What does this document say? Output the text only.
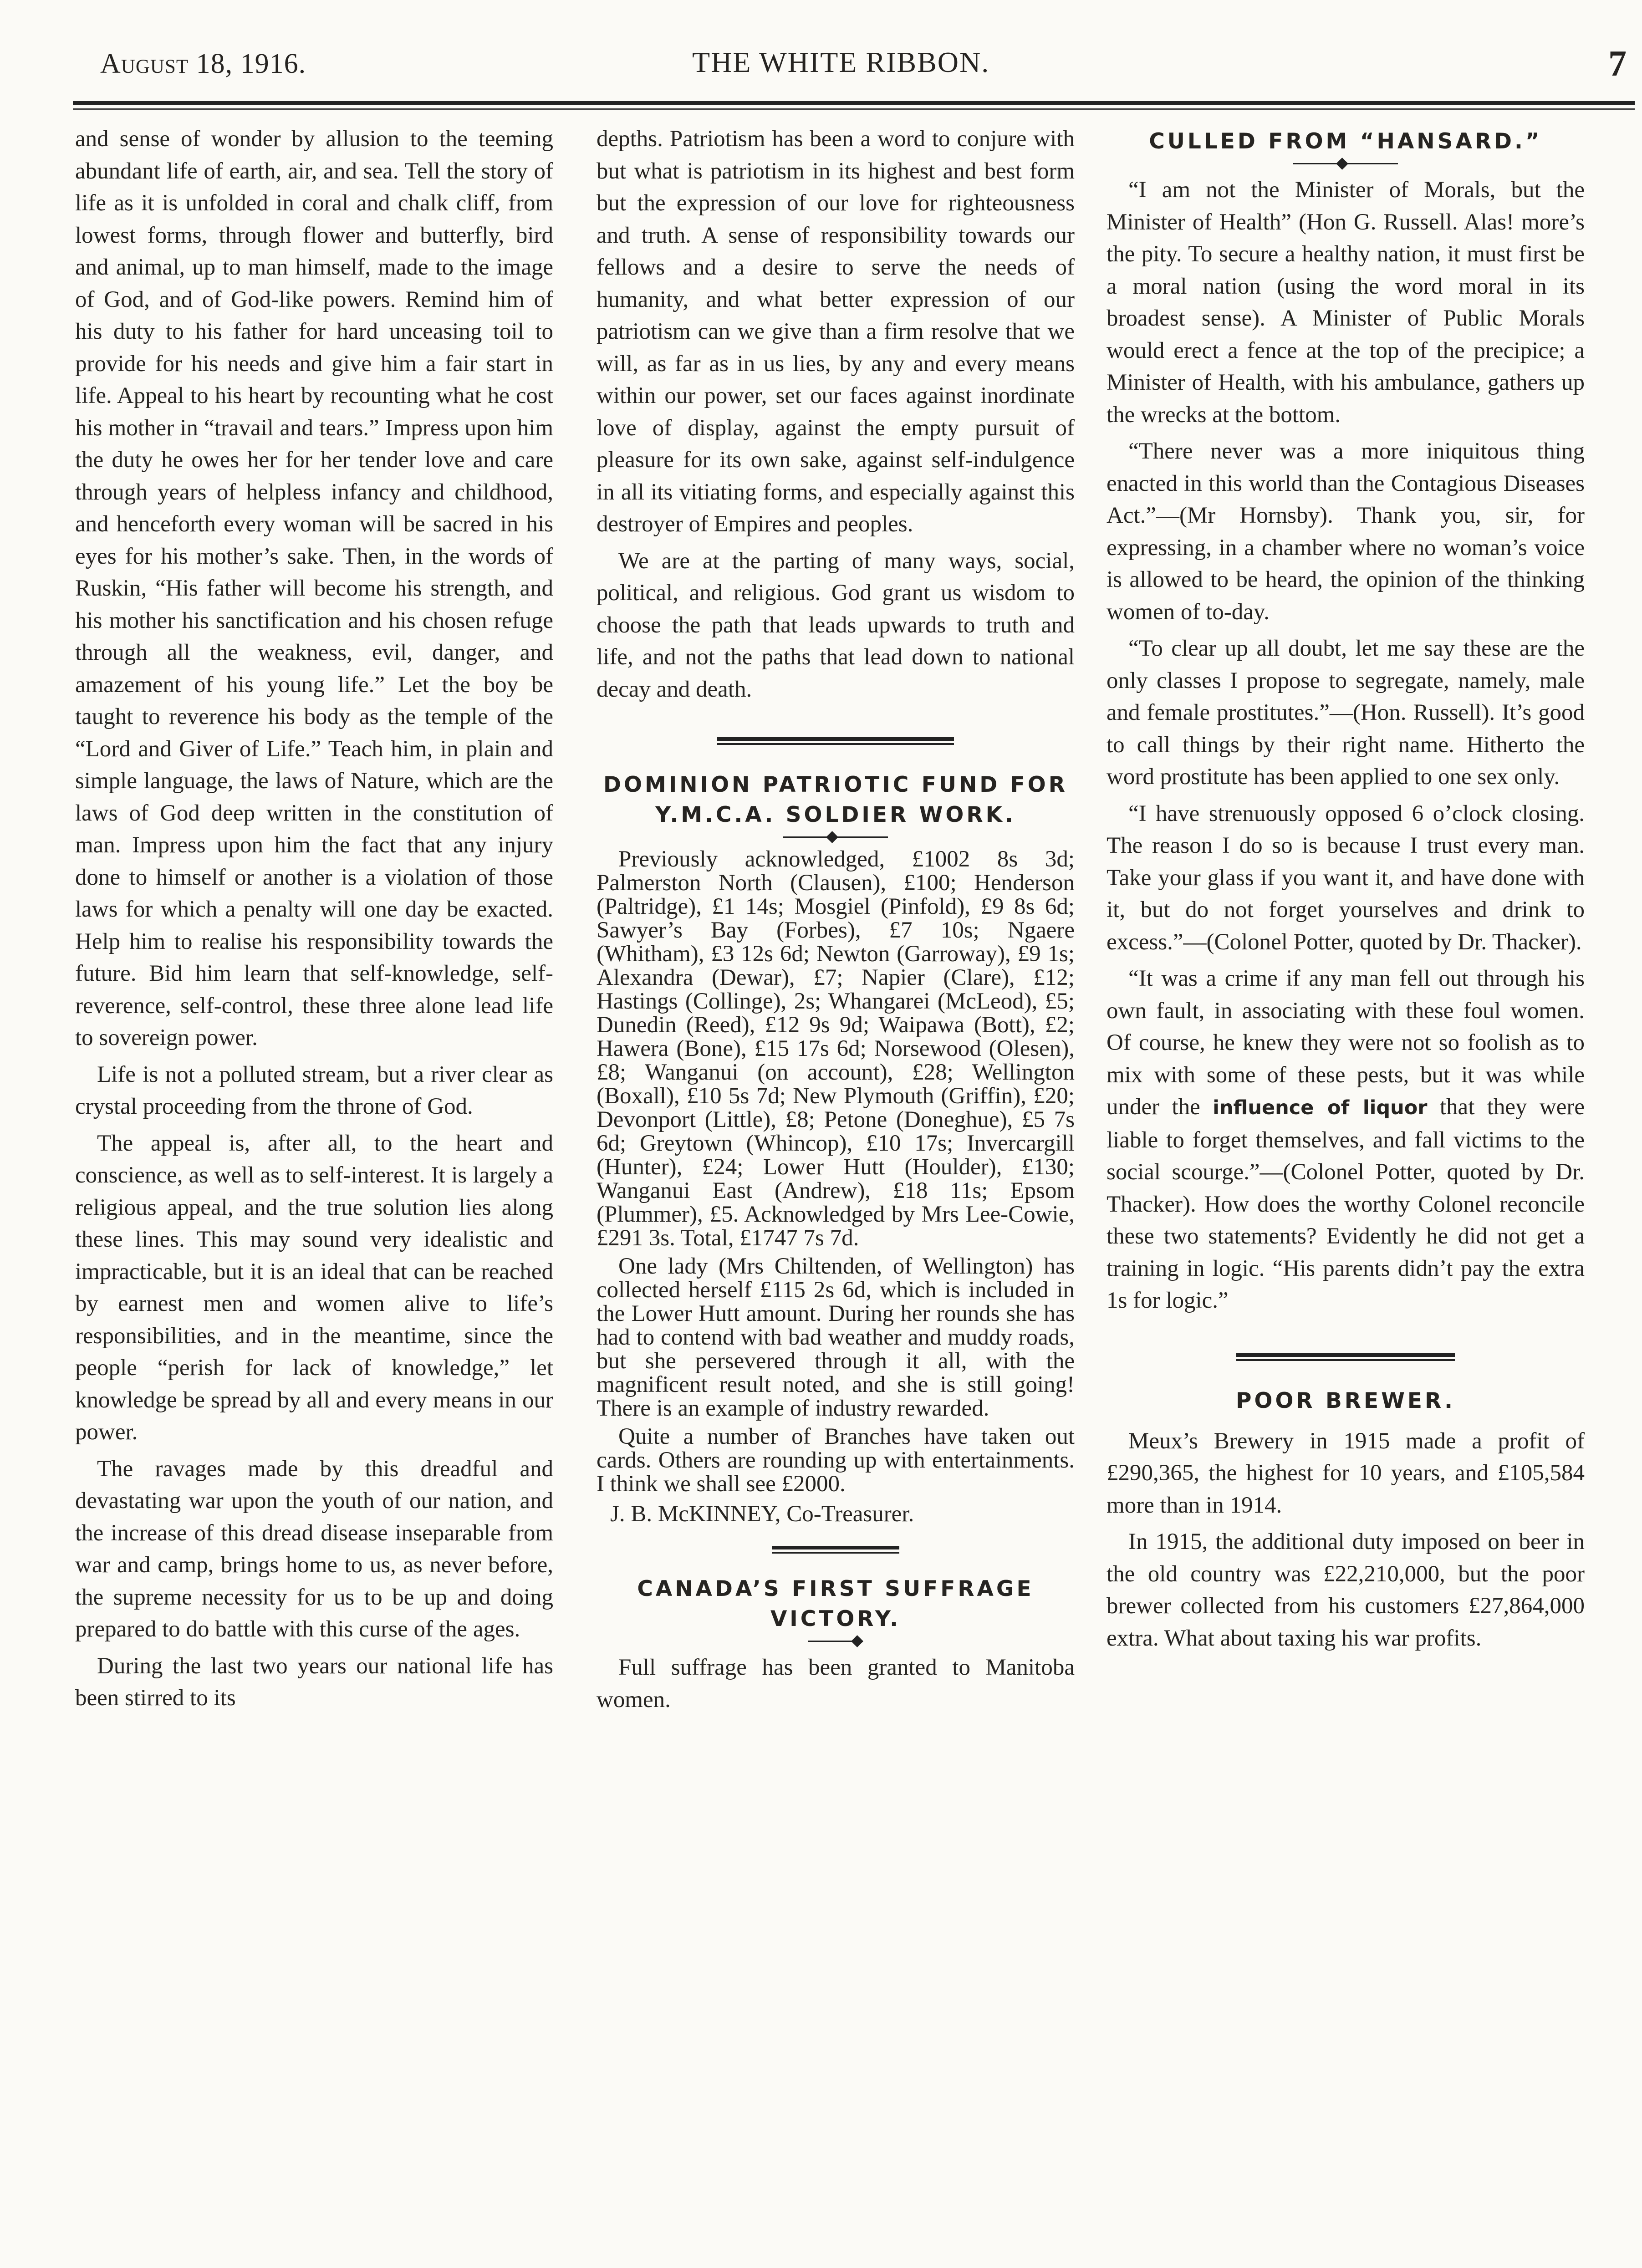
August 18, 1916.	THE WHITE RIBBON.	7

and sense of wonder by allusion to the teeming abundant life of earth, air, and sea. Tell the story of life as it is unfolded in coral and chalk cliff, from lowest forms, through flower and butterfly, bird and animal, up to man himself, made to the image of God, and of God-like powers. Remind him of his duty to his father for hard unceasing toil to provide for his needs and give him a fair start in life. Appeal to his heart by recounting what he cost his mother in “travail and tears.” Impress upon him the duty he owes her for her tender love and care through years of helpless infancy and childhood, and henceforth every woman will be sacred in his eyes for his mother’s sake. Then, in the words of Ruskin, “His father will become his strength, and his mother his sanctification and his chosen refuge through all the weakness, evil, danger, and amazement of his young life.” Let the boy be taught to reverence his body as the temple of the “Lord and Giver of Life.” Teach him, in plain and simple language, the laws of Nature, which are the laws of God deep written in the constitution of man. Impress upon him the fact that any injury done to himself or another is a violation of those laws for which a penalty will one day be exacted. Help him to realise his responsibility towards the future. Bid him learn that self-knowledge, self-reverence, self-control, these three alone lead life to sovereign power.

Life is not a polluted stream, but a river clear as crystal proceeding from the throne of God.

The appeal is, after all, to the heart and conscience, as well as to self-interest. It is largely a religious appeal, and the true solution lies along these lines. This may sound very idealistic and impracticable, but it is an ideal that can be reached by earnest men and women alive to life’s responsibilities, and in the meantime, since the people “perish for lack of knowledge,” let knowledge be spread by all and every means in our power.

The ravages made by this dreadful and devastating war upon the youth of our nation, and the increase of this dread disease inseparable from war and camp, brings home to us, as never before, the supreme necessity for us to be up and doing prepared to do battle with this curse of the ages.

During the last two years our national life has been stirred to its

depths. Patriotism has been a word to conjure with but what is patriotism in its highest and best form but the expression of our love for righteousness and truth. A sense of responsibility towards our fellows and a desire to serve the needs of humanity, and what better expression of our patriotism can we give than a firm resolve that we will, as far as in us lies, by any and every means within our power, set our faces against inordinate love of display, against the empty pursuit of pleasure for its own sake, against self-indulgence in all its vitiating forms, and especially against this destroyer of Empires and peoples.

We are at the parting of many ways, social, political, and religious. God grant us wisdom to choose the path that leads upwards to truth and life, and not the paths that lead down to national decay and death.

DOMINION PATRIOTIC FUND FOR Y.M.C.A. SOLDIER WORK.

Previously acknowledged, £1002 8s 3d; Palmerston North (Clausen), £100; Henderson (Paltridge), £1 14s; Mosgiel (Pinfold), £9 8s 6d; Sawyer’s Bay (Forbes), £7 10s; Ngaere (Whitham), £3 12s 6d; Newton (Garroway), £9 1s; Alexandra (Dewar), £7; Napier (Clare), £12; Hastings (Collinge), 2s; Whangarei (McLeod), £5; Dunedin (Reed), £12 9s 9d; Waipawa (Bott), £2; Hawera (Bone), £15 17s 6d; Norsewood (Olesen), £8; Wanganui (on account), £28; Wellington (Boxall), £10 5s 7d; New Plymouth (Griffin), £20; Devonport (Little), £8; Petone (Doneghue), £5 7s 6d; Greytown (Whincop), £10 17s; Invercargill (Hunter), £24; Lower Hutt (Houlder), £130; Wanganui East (Andrew), £18 11s; Epsom (Plummer), £5. Acknowledged by Mrs Lee-Cowie, £291 3s. Total, £1747 7s 7d.

One lady (Mrs Chiltenden, of Wellington) has collected herself £115 2s 6d, which is included in the Lower Hutt amount. During her rounds she has had to contend with bad weather and muddy roads, but she persevered through it all, with the magnificent result noted, and she is still going! There is an example of industry rewarded.

Quite a number of Branches have taken out cards. Others are rounding up with entertainments. I think we shall see £2000.

J. B. McKINNEY, Co-Treasurer.

CANADA’S FIRST SUFFRAGE VICTORY.

Full suffrage has been granted to Manitoba women.

CULLED FROM “HANSARD.”

“I am not the Minister of Morals, but the Minister of Health” (Hon G. Russell. Alas! more’s the pity. To secure a healthy nation, it must first be a moral nation (using the word moral in its broadest sense). A Minister of Public Morals would erect a fence at the top of the precipice; a Minister of Health, with his ambulance, gathers up the wrecks at the bottom.

“There never was a more iniquitous thing enacted in this world than the Contagious Diseases Act.”—(Mr Hornsby). Thank you, sir, for expressing, in a chamber where no woman’s voice is allowed to be heard, the opinion of the thinking women of to-day.

“To clear up all doubt, let me say these are the only classes I propose to segregate, namely, male and female prostitutes.”—(Hon. Russell). It’s good to call things by their right name. Hitherto the word prostitute has been applied to one sex only.

“I have strenuously opposed 6 o’clock closing. The reason I do so is because I trust every man. Take your glass if you want it, and have done with it, but do not forget yourselves and drink to excess.”—(Colonel Potter, quoted by Dr. Thacker).

“It was a crime if any man fell out through his own fault, in associating with these foul women. Of course, he knew they were not so foolish as to mix with some of these pests, but it was while under the influence of liquor that they were liable to forget themselves, and fall victims to the social scourge.”—(Colonel Potter, quoted by Dr. Thacker). How does the worthy Colonel reconcile these two statements? Evidently he did not get a training in logic. “His parents didn’t pay the extra 1s for logic.”

POOR BREWER.

Meux’s Brewery in 1915 made a profit of £290,365, the highest for 10 years, and £105,584 more than in 1914.

In 1915, the additional duty imposed on beer in the old country was £22,210,000, but the poor brewer collected from his customers £27,864,000 extra. What about taxing his war profits.
